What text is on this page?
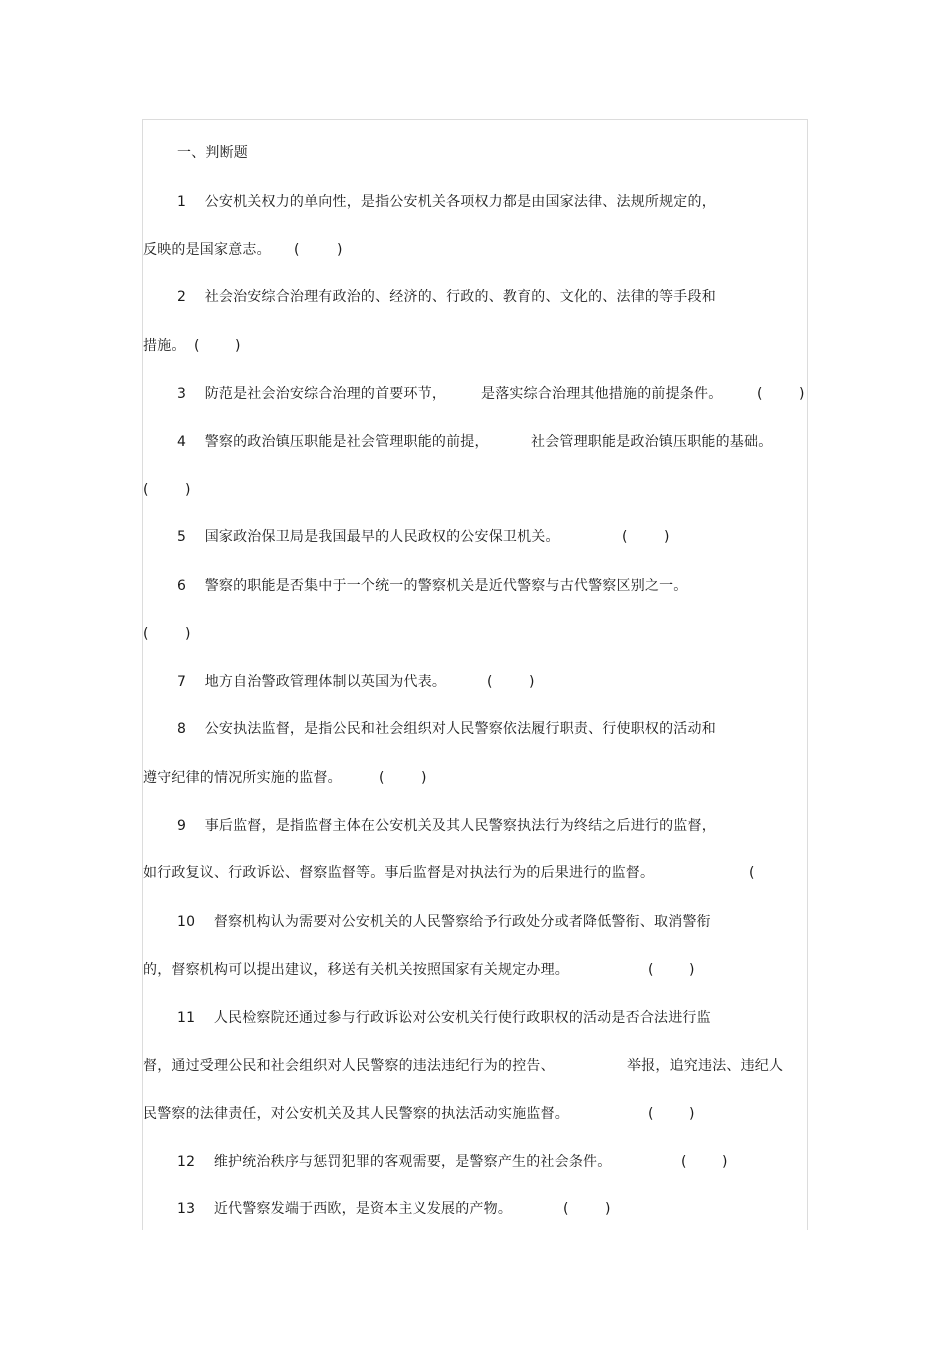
一、判断题
1    公安机关权力的单向性，是指公安机关各项权力都是由国家法律、法规所规定的，
反映的是国家意志。 (	)
2    社会治安综合治理有政治的、经济的、行政的、教育的、文化的、法律的等手段和
措施。 (	)
3    防范是社会治安综合治理的首要环节， 是落实综合治理其他措施的前提条件。 (	)
4    警察的政治镇压职能是社会管理职能的前提，	社会管理职能是政治镇压职能的基础。
(	)
5    国家政治保卫局是我国最早的人民政权的公安保卫机关。	(	)
6    警察的职能是否集中于一个统一的警察机关是近代警察与古代警察区别之一。
(	)
7    地方自治警政管理体制以英国为代表。	(	)
8    公安执法监督，是指公民和社会组织对人民警察依法履行职责、行使职权的活动和
遵守纪律的情况所实施的监督。	(	)
9    事后监督，是指监督主体在公安机关及其人民警察执法行为终结之后进行的监督，
如行政复议、行政诉讼、督察监督等。事后监督是对执法行为的后果进行的监督。	(
10    督察机构认为需要对公安机关的人民警察给予行政处分或者降低警衔、取消警衔
的，督察机构可以提出建议，移送有关机关按照国家有关规定办理。	(	)
11    人民检察院还通过参与行政诉讼对公安机关行使行政职权的活动是否合法进行监
督，通过受理公民和社会组织对人民警察的违法违纪行为的控告、	举报，追究违法、违纪人
民警察的法律责任，对公安机关及其人民警察的执法活动实施监督。	(	)
12    维护统治秩序与惩罚犯罪的客观需要，是警察产生的社会条件。	(	)
13    近代警察发端于西欧，是资本主义发展的产物。	(	)
